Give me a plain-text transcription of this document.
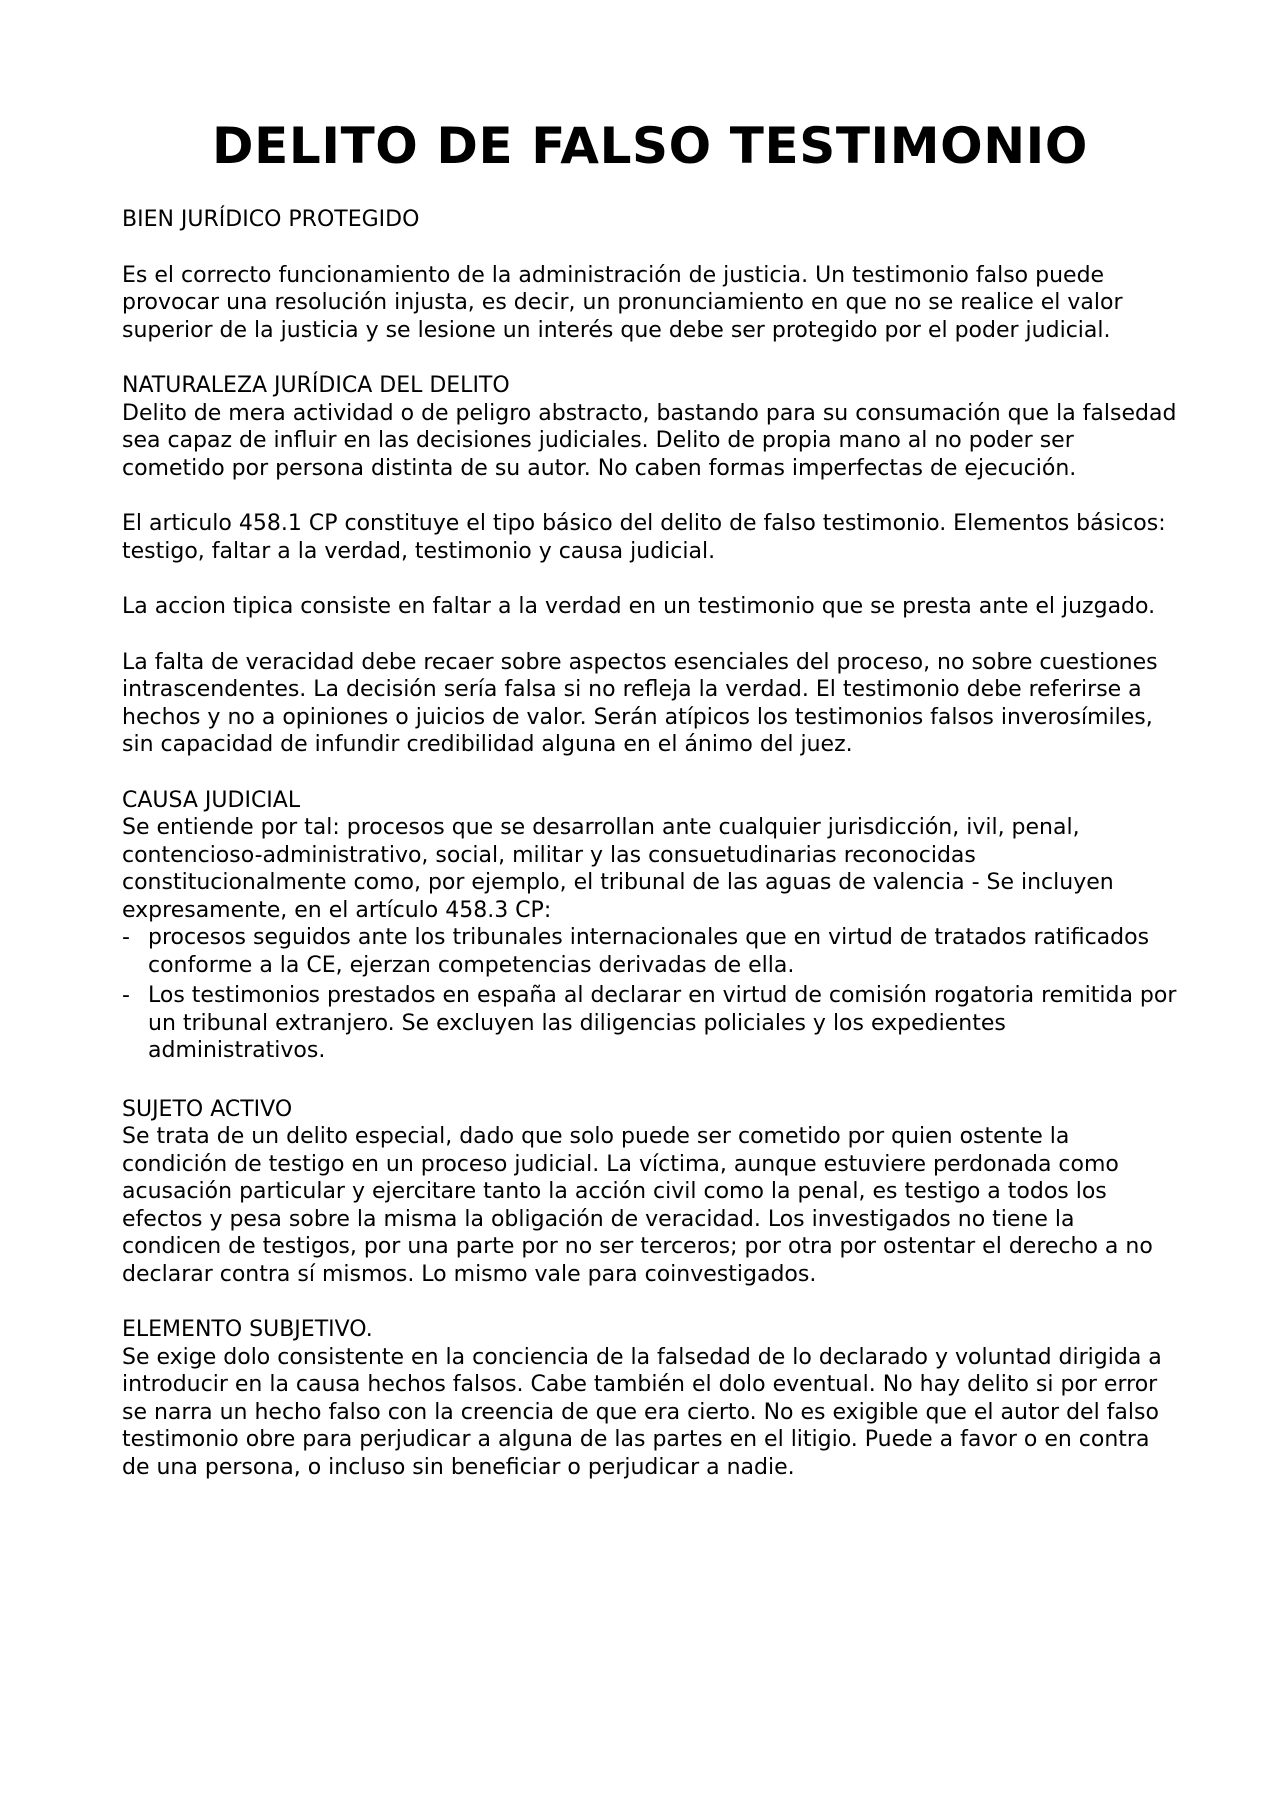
DELITO DE FALSO TESTIMONIO

BIEN JURÍDICO PROTEGIDO

Es el correcto funcionamiento de la administración de justicia. Un testimonio falso puede provocar una resolución injusta, es decir, un pronunciamiento en que no se realice el valor superior de la justicia y se lesione un interés que debe ser protegido por el poder judicial.

NATURALEZA JURÍDICA DEL DELITO

Delito de mera actividad o de peligro abstracto, bastando para su consumación que la falsedad sea capaz de influir en las decisiones judiciales. Delito de propia mano al no poder ser cometido por persona distinta de su autor. No caben formas imperfectas de ejecución.

El articulo 458.1 CP constituye el tipo básico del delito de falso testimonio. Elementos básicos: testigo, faltar a la verdad, testimonio y causa judicial.

La accion tipica consiste en faltar a la verdad en un testimonio que se presta ante el juzgado.

La falta de veracidad debe recaer sobre aspectos esenciales del proceso, no sobre cuestiones intrascendentes. La decisión sería falsa si no refleja la verdad. El testimonio debe referirse a hechos y no a opiniones o juicios de valor. Serán atípicos los testimonios falsos inverosímiles, sin capacidad de infundir credibilidad alguna en el ánimo del juez.

CAUSA JUDICIAL

Se entiende por tal: procesos que se desarrollan ante cualquier jurisdicción, ivil, penal, contencioso-administrativo, social, militar y las consuetudinarias reconocidas constitucionalmente como, por ejemplo, el tribunal de las aguas de valencia - Se incluyen expresamente, en el artículo 458.3 CP:

- procesos seguidos ante los tribunales internacionales que en virtud de tratados ratificados conforme a la CE, ejerzan competencias derivadas de ella.
- Los testimonios prestados en españa al declarar en virtud de comisión rogatoria remitida por un tribunal extranjero. Se excluyen las diligencias policiales y los expedientes administrativos.

SUJETO ACTIVO

Se trata de un delito especial, dado que solo puede ser cometido por quien ostente la condición de testigo en un proceso judicial. La víctima, aunque estuviere perdonada como acusación particular y ejercitare tanto la acción civil como la penal, es testigo a todos los efectos y pesa sobre la misma la obligación de veracidad. Los investigados no tiene la condicen de testigos, por una parte por no ser terceros; por otra por ostentar el derecho a no declarar contra sí mismos. Lo mismo vale para coinvestigados.

ELEMENTO SUBJETIVO.

Se exige dolo consistente en la conciencia de la falsedad de lo declarado y voluntad dirigida a introducir en la causa hechos falsos. Cabe también el dolo eventual. No hay delito si por error se narra un hecho falso con la creencia de que era cierto. No es exigible que el autor del falso testimonio obre para perjudicar a alguna de las partes en el litigio. Puede a favor o en contra de una persona, o incluso sin beneficiar o perjudicar a nadie.
